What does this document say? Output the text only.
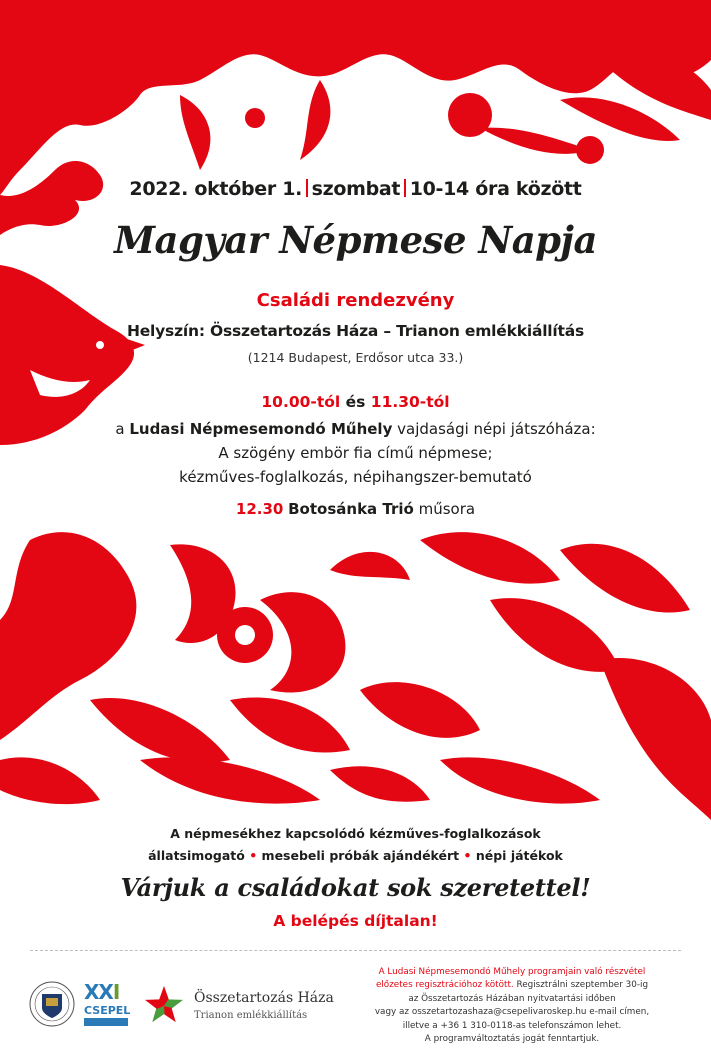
2022. október 1. szombat 10-14 óra között
Magyar Népmese Napja
Családi rendezvény
Helyszín: Összetartozás Háza – Trianon emlékkiállítás
(1214 Budapest, Erdősor utca 33.)
10.00-tól és 11.30-tól
a Ludasi Népmesemondó Műhely vajdasági népi játszóháza:
A szögény embör fia című népmese;
kézműves-foglalkozás, népihangszer-bemutató
12.30 Botosánka Trió műsora
A népmesékhez kapcsolódó kézműves-foglalkozások
állatsimogató • mesebeli próbák ajándékért • népi játékok
Várjuk a családokat sok szeretettel!
A belépés díjtalan!
XXI
CSEPEL
Összetartozás Háza
Trianon emlékkiállítás
A Ludasi Népmesemondó Műhely programjain való részvétel
előzetes regisztrációhoz kötött. Regisztrálni szeptember 30-ig
az Összetartozás Házában nyitvatartási időben
vagy az osszetartozashaza@csepelivaroskep.hu e-mail címen,
illetve a +36 1 310-0118-as telefonszámon lehet.
A programváltoztatás jogát fenntartjuk.
